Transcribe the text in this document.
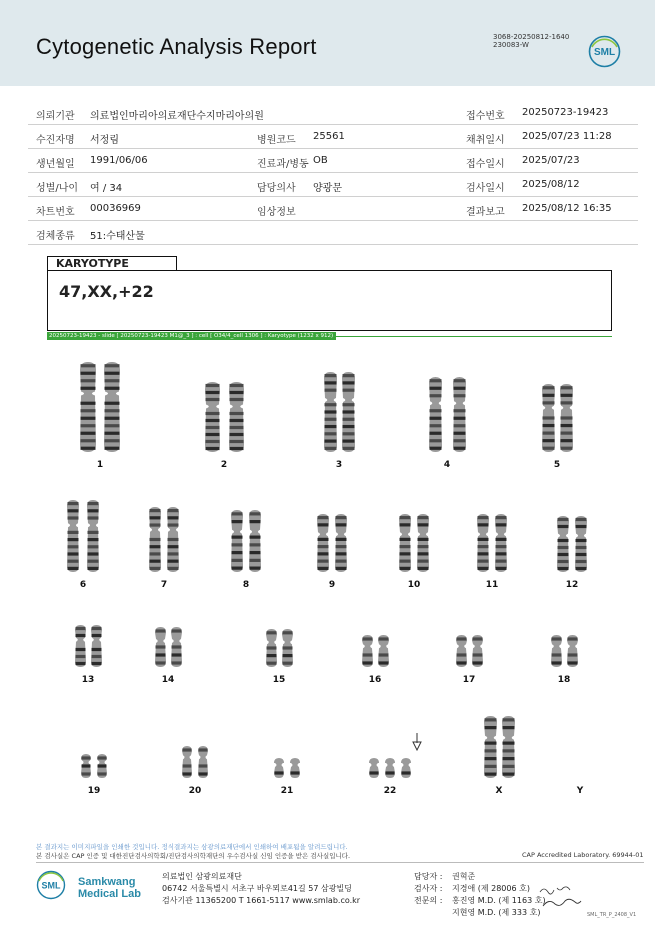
Cytogenetic Analysis Report	3068-20250812-1640
230083-W
SML
의뢰기관 의료법인마리아의료재단수지마리아의원	접수번호 20250723-19423
수진자명 서정림	병원코드 25561	채취일시 2025/07/23 11:28
생년월일 1991/06/06	진료과/병동 OB	접수일시 2025/07/23
성별/나이 여 / 34	담당의사 양광문	검사일시 2025/08/12
차트번호 00036969	임상정보	결과보고 2025/08/12 16:35
검체종류 51:수태산물
KARYOTYPE
47,XX,+22
20250723-19423 - slide [ 20250723-19423 M1@_3 ] : cell [ O34/4_cell 1306 ] : Karyotype (1232 x 912)
1	2	3	4	5
6	7	8	9	10	11	12
13	14	15	16	17	18
19	20	21	22	X	Y
본 결과지는 이미지파일을 인쇄한 것입니다. 정식결과지는 삼광의료재단에서 인쇄하여 배포됨을 알려드립니다.
본 검사실은 CAP 인증 및 대한진단검사의학회/진단검사의학재단의 우수검사실 신임 인증을 받은 검사실입니다.	CAP Accredited Laboratory. 69944-01
SML Samkwang
Medical Lab
의료법인 삼광의료재단
06742 서울특별시 서초구 바우뫼로41길 57 삼광빌딩
검사기관 11365200 T 1661-5117 www.smlab.co.kr
담당자 : 권혁준
검사자 : 지경애 (제 28006 호)
전문의 : 홍진영 M.D. (제 1163 호)
지현영 M.D. (제 333 호)	SML_TR_P_2408_V1
